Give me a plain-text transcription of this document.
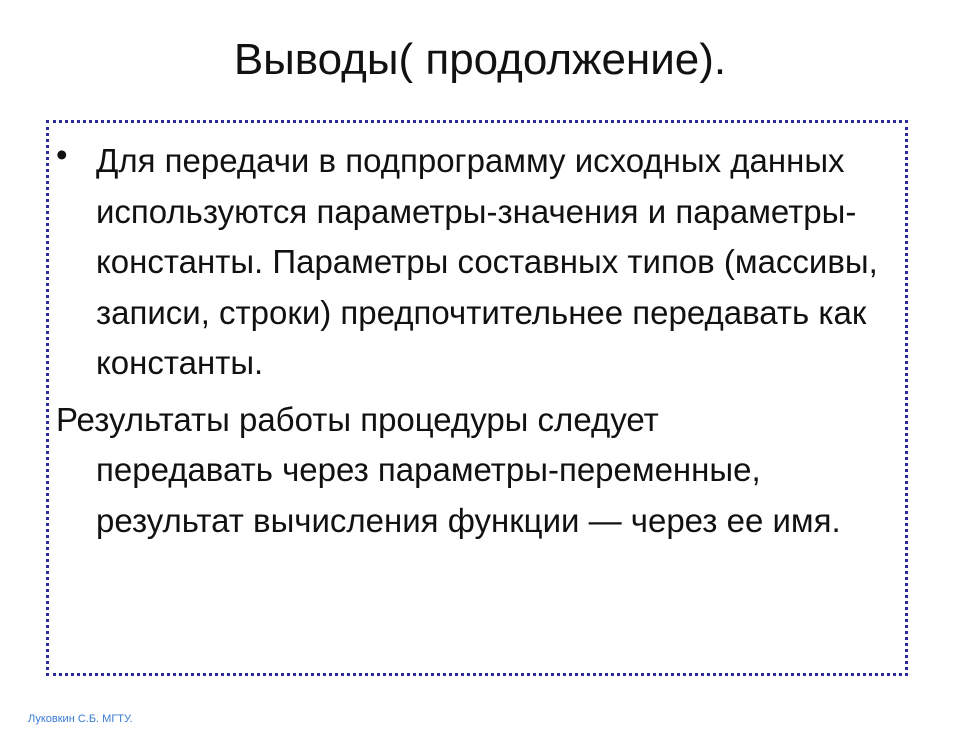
Выводы( продолжение).
• Для передачи в подпрограмму исходных данных используются параметры-значения и параметры-константы. Параметры составных типов (массивы, записи, строки) предпочтительнее передавать как константы.
Результаты работы процедуры следует
передавать через параметры-переменные, результат вычисления функции — через ее имя.
Луковкин С.Б. МГТУ.
